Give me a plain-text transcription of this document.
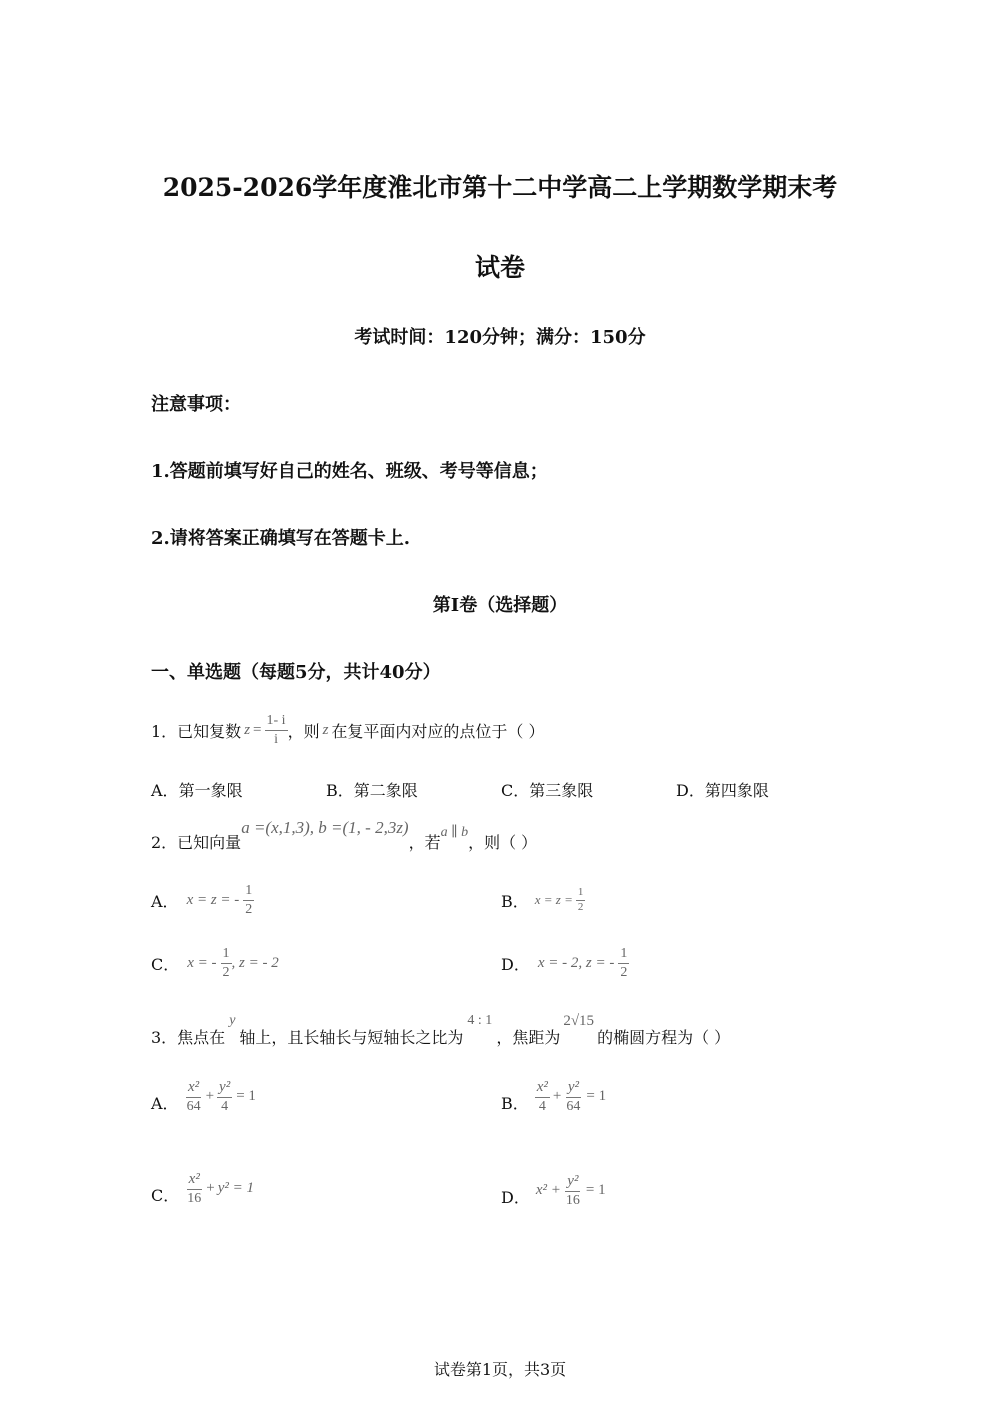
2025-2026学年度淮北市第十二中学高二上学期数学期末考
试卷
考试时间：120分钟；满分：150分
注意事项：
1.答题前填写好自己的姓名、班级、考号等信息；
2.请将答案正确填写在答题卡上.
第I卷（选择题）
一、单选题（每题5分，共计40分）
1．已知复数 $z = \frac{1- i}{i}$ ，则 z 在复平面内对应的点位于（ ）
A．第一象限	B．第二象限	C．第三象限	D．第四象限
2．已知向量
a =(x,1,3), b =(1, - 2,3z)
，若
a ∥ b
，则（ ）
A． x = z = - $\frac{1}{2}$	B． $x = z = \frac{1}{2}$
C． x = - $\frac{1}{2}$ , z = - 2	D． x = - 2, z = - $\frac{1}{2}$
3．焦点在
y
轴上，且长轴长与短轴长之比为
4 : 1
，焦距为
2√15
的椭圆方程为（ ）
A． $\frac{\text{x²}}{64} + \frac{\text{y²}}{4} = 1$	B． $\frac{\text{x²}}{4} + \frac{\text{y²}}{64} = 1$
C． $\frac{\text{x²}}{16} + y^2 = 1$	D． $x^2 + \frac{\text{y²}}{16} = 1$
试卷第1页，共3页
